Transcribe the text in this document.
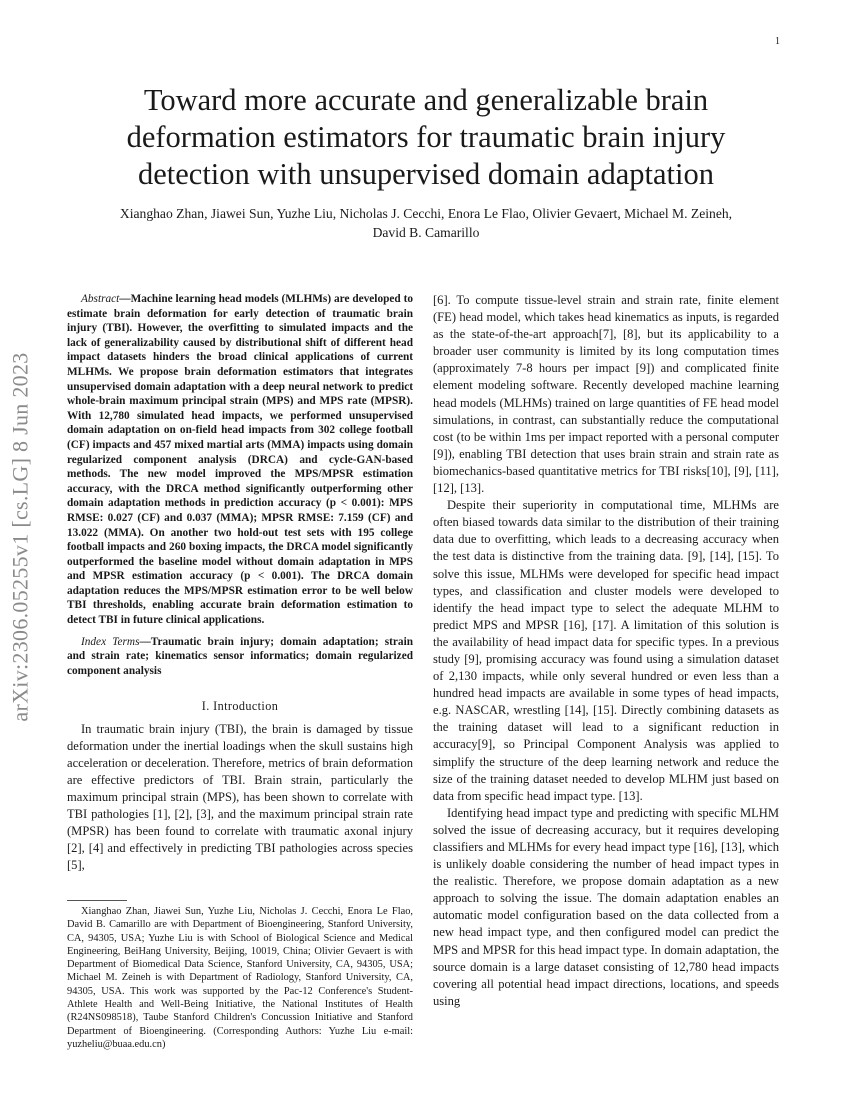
1
arXiv:2306.05255v1 [cs.LG] 8 Jun 2023
Toward more accurate and generalizable brain
deformation estimators for traumatic brain injury
detection with unsupervised domain adaptation
Xianghao Zhan, Jiawei Sun, Yuzhe Liu, Nicholas J. Cecchi, Enora Le Flao, Olivier Gevaert, Michael M. Zeineh,
David B. Camarillo

Abstract—Machine learning head models (MLHMs) are developed to estimate brain deformation for early detection of traumatic brain injury (TBI). However, the overfitting to simulated impacts and the lack of generalizability caused by distributional shift of different head impact datasets hinders the broad clinical applications of current MLHMs. We propose brain deformation estimators that integrates unsupervised domain adaptation with a deep neural network to predict whole-brain maximum principal strain (MPS) and MPS rate (MPSR). With 12,780 simulated head impacts, we performed unsupervised domain adaptation on on-field head impacts from 302 college football (CF) impacts and 457 mixed martial arts (MMA) impacts using domain regularized component analysis (DRCA) and cycle-GAN-based methods. The new model improved the MPS/MPSR estimation accuracy, with the DRCA method significantly outperforming other domain adaptation methods in prediction accuracy (p < 0.001): MPS RMSE: 0.027 (CF) and 0.037 (MMA); MPSR RMSE: 7.159 (CF) and 13.022 (MMA). On another two hold-out test sets with 195 college football impacts and 260 boxing impacts, the DRCA model significantly outperformed the baseline model without domain adaptation in MPS and MPSR estimation accuracy (p < 0.001). The DRCA domain adaptation reduces the MPS/MPSR estimation error to be well below TBI thresholds, enabling accurate brain deformation estimation to detect TBI in future clinical applications.

Index Terms—Traumatic brain injury; domain adaptation; strain and strain rate; kinematics sensor informatics; domain regularized component analysis

I. Introduction

In traumatic brain injury (TBI), the brain is damaged by tissue deformation under the inertial loadings when the skull sustains high acceleration or deceleration. Therefore, metrics of brain deformation are effective predictors of TBI. Brain strain, particularly the maximum principal strain (MPS), has been shown to correlate with TBI pathologies [1], [2], [3], and the maximum principal strain rate (MPSR) has been found to correlate with traumatic axonal injury [2], [4] and effectively in predicting TBI pathologies across species [5],

Xianghao Zhan, Jiawei Sun, Yuzhe Liu, Nicholas J. Cecchi, Enora Le Flao, David B. Camarillo are with Department of Bioengineering, Stanford University, CA, 94305, USA; Yuzhe Liu is with School of Biological Science and Medical Engineering, BeiHang University, Beijing, 10019, China; Olivier Gevaert is with Department of Biomedical Data Science, Stanford University, CA, 94305, USA; Michael M. Zeineh is with Department of Radiology, Stanford University, CA, 94305, USA. This work was supported by the Pac-12 Conference's Student-Athlete Health and Well-Being Initiative, the National Institutes of Health (R24NS098518), Taube Stanford Children's Concussion Initiative and Stanford Department of Bioengineering. (Corresponding Authors: Yuzhe Liu e-mail: yuzheliu@buaa.edu.cn)

[6]. To compute tissue-level strain and strain rate, finite element (FE) head model, which takes head kinematics as inputs, is regarded as the state-of-the-art approach[7], [8], but its applicability to a broader user community is limited by its long computation times (approximately 7-8 hours per impact [9]) and complicated finite element modeling software. Recently developed machine learning head models (MLHMs) trained on large quantities of FE head model simulations, in contrast, can substantially reduce the computational cost (to be within 1ms per impact reported with a personal computer [9]), enabling TBI detection that uses brain strain and strain rate as biomechanics-based quantitative metrics for TBI risks[10], [9], [11], [12], [13].

Despite their superiority in computational time, MLHMs are often biased towards data similar to the distribution of their training data due to overfitting, which leads to a decreasing accuracy when the test data is distinctive from the training data. [9], [14], [15]. To solve this issue, MLHMs were developed for specific head impact types, and classification and cluster models were developed to identify the head impact type to select the adequate MLHM to predict MPS and MPSR [16], [17]. A limitation of this solution is the availability of head impact data for specific types. In a previous study [9], promising accuracy was found using a simulation dataset of 2,130 impacts, while only several hundred or even less than a hundred head impacts are available in some types of head impacts, e.g. NASCAR, wrestling [14], [15]. Directly combining datasets as the training dataset will lead to a significant reduction in accuracy[9], so Principal Component Analysis was applied to simplify the structure of the deep learning network and reduce the size of the training dataset needed to develop MLHM just based on data from specific head impact type. [13].

Identifying head impact type and predicting with specific MLHM solved the issue of decreasing accuracy, but it requires developing classifiers and MLHMs for every head impact type [16], [13], which is unlikely doable considering the number of head impact types in the realistic. Therefore, we propose domain adaptation as a new approach to solving the issue. The domain adaptation enables an automatic model configuration based on the data collected from a new head impact type, and then configured model can predict the MPS and MPSR for this head impact type. In domain adaptation, the source domain is a large dataset consisting of 12,780 head impacts covering all potential head impact directions, locations, and speeds using
